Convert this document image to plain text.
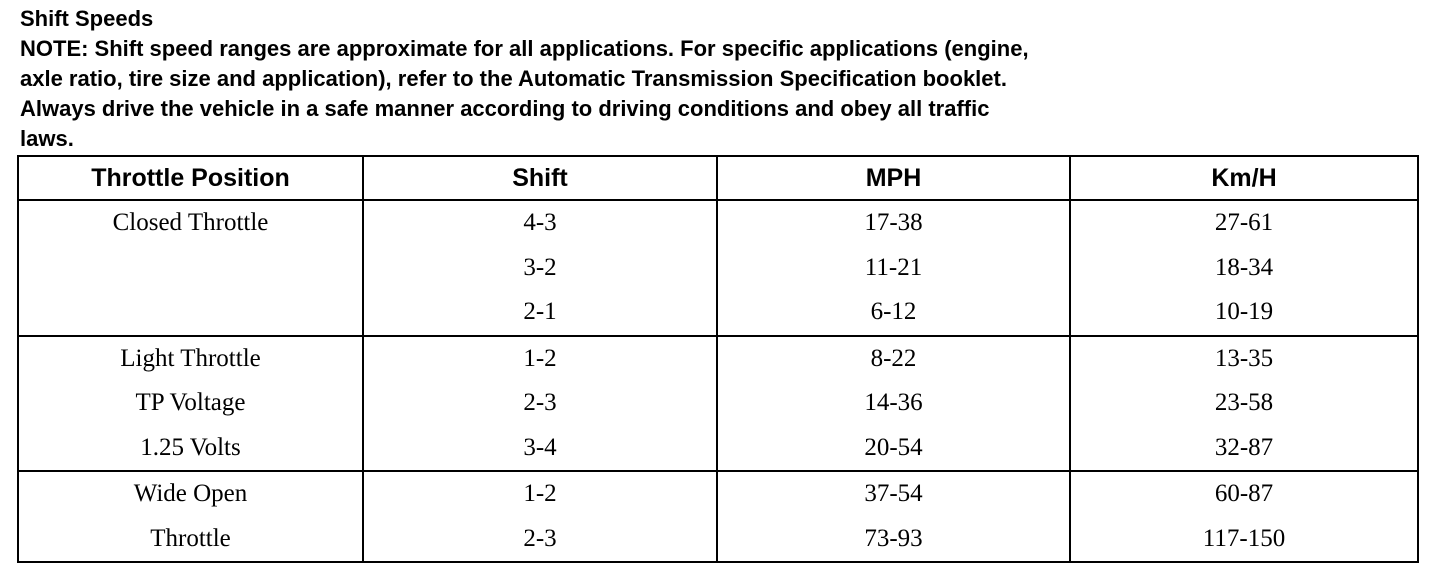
Shift Speeds

NOTE: Shift speed ranges are approximate for all applications. For specific applications (engine,
axle ratio, tire size and application), refer to the Automatic Transmission Specification booklet.
Always drive the vehicle in a safe manner according to driving conditions and obey all traffic
laws.

Throttle Position	Shift	MPH	Km/H
Closed Throttle	4-3	17-38	27-61
	3-2	11-21	18-34
	2-1	6-12	10-19
Light Throttle	1-2	8-22	13-35
TP Voltage	2-3	14-36	23-58
1.25 Volts	3-4	20-54	32-87
Wide Open	1-2	37-54	60-87
Throttle	2-3	73-93	117-150
